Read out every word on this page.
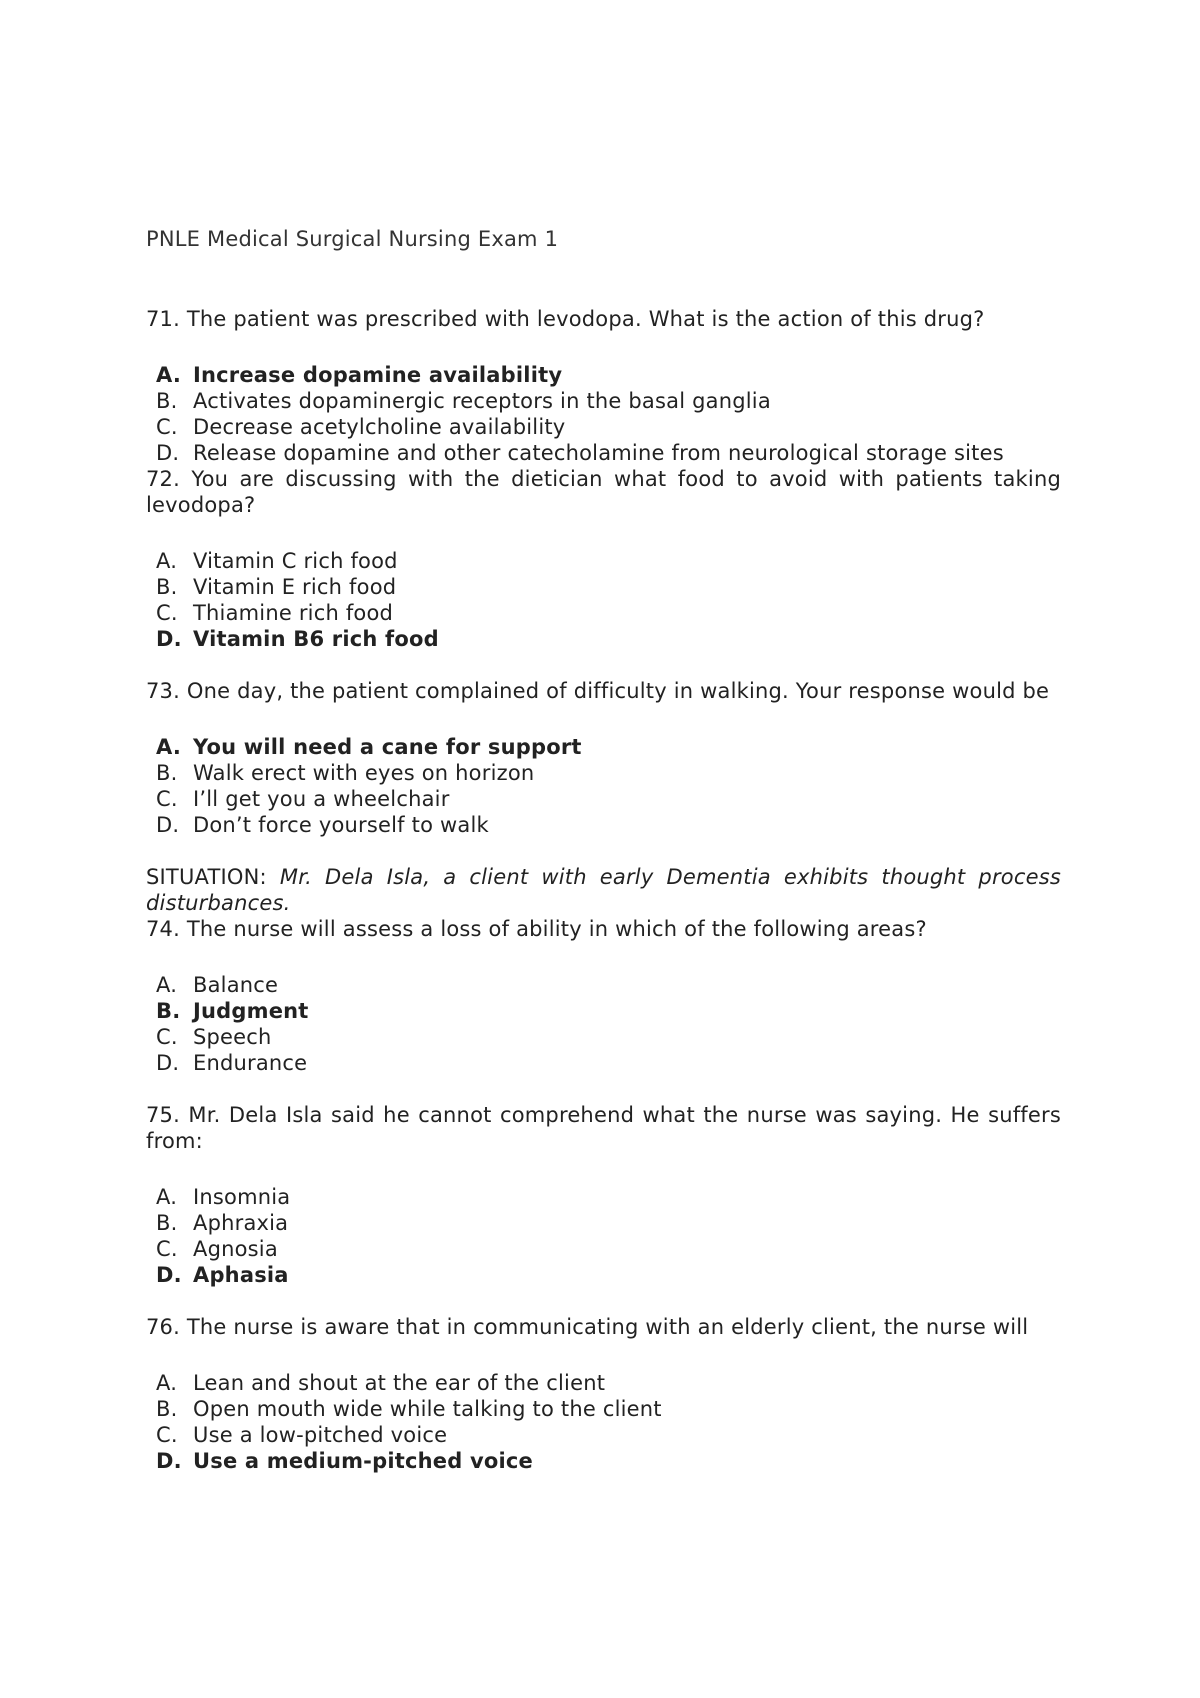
PNLE Medical Surgical Nursing Exam 1

71. The patient was prescribed with levodopa. What is the action of this drug?

A. Increase dopamine availability
B. Activates dopaminergic receptors in the basal ganglia
C. Decrease acetylcholine availability
D. Release dopamine and other catecholamine from neurological storage sites

72. You are discussing with the dietician what food to avoid with patients taking levodopa?

A. Vitamin C rich food
B. Vitamin E rich food
C. Thiamine rich food
D. Vitamin B6 rich food

73. One day, the patient complained of difficulty in walking. Your response would be

A. You will need a cane for support
B. Walk erect with eyes on horizon
C. I’ll get you a wheelchair
D. Don’t force yourself to walk

SITUATION: Mr. Dela Isla, a client with early Dementia exhibits thought process disturbances.

74. The nurse will assess a loss of ability in which of the following areas?

A. Balance
B. Judgment
C. Speech
D. Endurance

75. Mr. Dela Isla said he cannot comprehend what the nurse was saying. He suffers from:

A. Insomnia
B. Aphraxia
C. Agnosia
D. Aphasia

76. The nurse is aware that in communicating with an elderly client, the nurse will

A. Lean and shout at the ear of the client
B. Open mouth wide while talking to the client
C. Use a low-pitched voice
D. Use a medium-pitched voice
